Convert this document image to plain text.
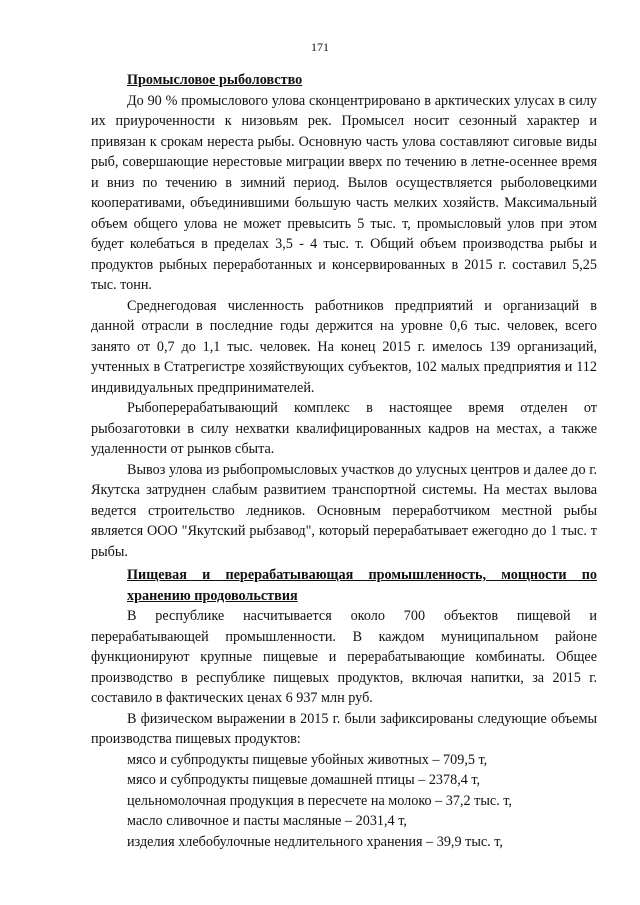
171

Промысловое рыболовство

До 90 % промыслового улова сконцентрировано в арктических улусах в силу их приуроченности к низовьям рек. Промысел носит сезонный характер и привязан к срокам нереста рыбы. Основную часть улова составляют сиговые виды рыб, совершающие нерестовые миграции вверх по течению в летне-осеннее время и вниз по течению в зимний период. Вылов осуществляется рыболовецкими кооперативами, объединившими большую часть мелких хозяйств. Максимальный объем общего улова не может превысить 5 тыс. т, промысловый улов при этом будет колебаться в пределах 3,5 - 4 тыс. т. Общий объем производства рыбы и продуктов рыбных переработанных и консервированных в 2015 г. составил 5,25 тыс. тонн.

Среднегодовая численность работников предприятий и организаций в данной отрасли в последние годы держится на уровне 0,6 тыс. человек, всего занято от 0,7 до 1,1 тыс. человек. На конец 2015 г. имелось 139 организаций, учтенных в Статрегистре хозяйствующих субъектов, 102 малых предприятия и 112 индивидуальных предпринимателей.

Рыбоперерабатывающий комплекс в настоящее время отделен от рыбозаготовки в силу нехватки квалифицированных кадров на местах, а также удаленности от рынков сбыта.

Вывоз улова из рыбопромысловых участков до улусных центров и далее до г. Якутска затруднен слабым развитием транспортной системы. На местах вылова ведется строительство ледников. Основным переработчиком местной рыбы является ООО "Якутский рыбзавод", который перерабатывает ежегодно до 1 тыс. т рыбы.

Пищевая и перерабатывающая промышленность, мощности по хранению продовольствия

В республике насчитывается около 700 объектов пищевой и перерабатывающей промышленности. В каждом муниципальном районе функционируют крупные пищевые и перерабатывающие комбинаты. Общее производство в республике пищевых продуктов, включая напитки, за 2015 г. составило в фактических ценах 6 937 млн руб.

В физическом выражении в 2015 г. были зафиксированы следующие объемы производства пищевых продуктов:

мясо и субпродукты пищевые убойных животных – 709,5 т,

мясо и субпродукты пищевые домашней птицы – 2378,4 т,

цельномолочная продукция в пересчете на молоко – 37,2 тыс. т,

масло сливочное и пасты масляные – 2031,4 т,

изделия хлебобулочные недлительного хранения – 39,9 тыс. т,
